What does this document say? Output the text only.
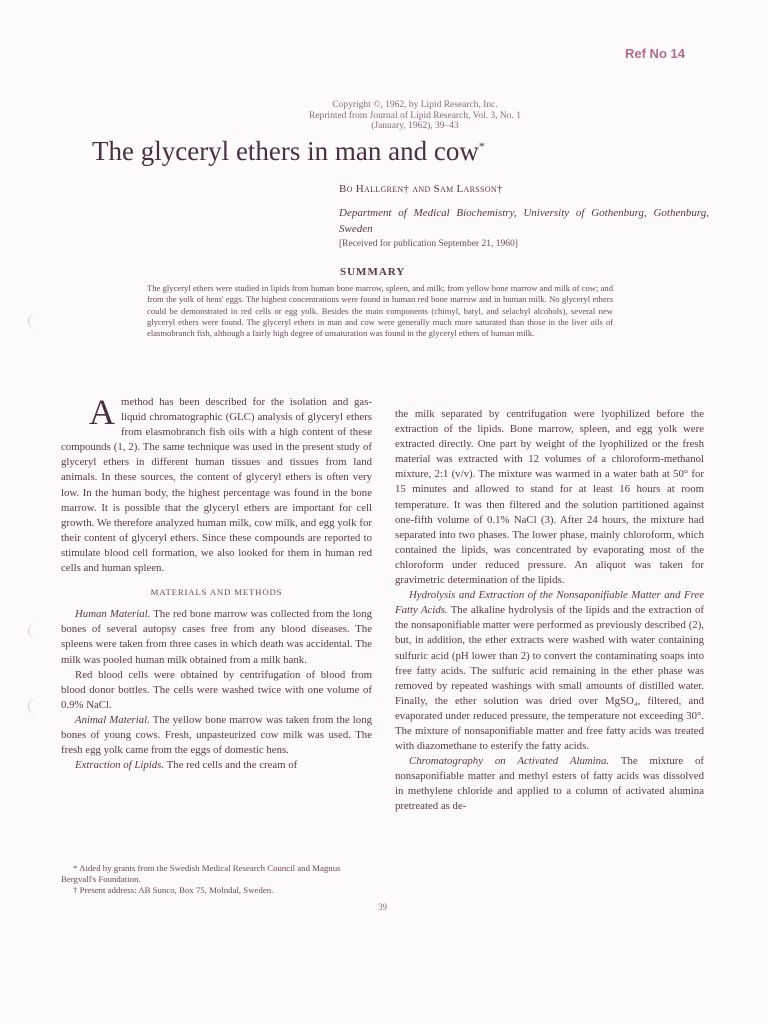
Ref No 14
Copyright ©, 1962, by Lipid Research, Inc.
Reprinted from Journal of Lipid Research, Vol. 3, No. 1
(January, 1962), 39–43
The glyceryl ethers in man and cow*
Bo Hallgren† and Sam Larsson†
Department of Medical Biochemistry, University of Gothenburg, Gothenburg, Sweden
[Received for publication September 21, 1960]
SUMMARY
The glyceryl ethers were studied in lipids from human bone marrow, spleen, and milk; from yellow bone marrow and milk of cow; and from the yolk of hens' eggs. The highest concentrations were found in human red bone marrow and in human milk. No glyceryl ethers could be demonstrated in red cells or egg yolk. Besides the main components (chimyl, batyl, and selachyl alcohols), several new glyceryl ethers were found. The glyceryl ethers in man and cow were generally much more saturated than those in the liver oils of elasmobranch fish, although a fairly high degree of unsaturation was found in the glyceryl ethers of human milk.

Amethod has been described for the isolation and gas-liquid chromatographic (GLC) analysis of glyceryl ethers from elasmobranch fish oils with a high content of these compounds (1, 2). The same technique was used in the present study of glyceryl ethers in different human tissues and tissues from land animals. In these sources, the content of glyceryl ethers is often very low. In the human body, the highest percentage was found in the bone marrow. It is possible that the glyceryl ethers are important for cell growth. We therefore analyzed human milk, cow milk, and egg yolk for their content of glyceryl ethers. Since these compounds are reported to stimulate blood cell formation, we also looked for them in human red cells and human spleen.

MATERIALS AND METHODS

Human Material. The red bone marrow was collected from the long bones of several autopsy cases free from any blood diseases. The spleens were taken from three cases in which death was accidental. The milk was pooled human milk obtained from a milk bank.

Red blood cells were obtained by centrifugation of blood from blood donor bottles. The cells were washed twice with one volume of 0.9% NaCl.

Animal Material. The yellow bone marrow was taken from the long bones of young cows. Fresh, unpasteurized cow milk was used. The fresh egg yolk came from the eggs of domestic hens.

Extraction of Lipids. The red cells and the cream of

the milk separated by centrifugation were lyophilized before the extraction of the lipids. Bone marrow, spleen, and egg yolk were extracted directly. One part by weight of the lyophilized or the fresh material was extracted with 12 volumes of a chloroform-methanol mixture, 2:1 (v/v). The mixture was warmed in a water bath at 50° for 15 minutes and allowed to stand for at least 16 hours at room temperature. It was then filtered and the solution partitioned against one-fifth volume of 0.1% NaCl (3). After 24 hours, the mixture had separated into two phases. The lower phase, mainly chloroform, which contained the lipids, was concentrated by evaporating most of the chloroform under reduced pressure. An aliquot was taken for gravimetric determination of the lipids.

Hydrolysis and Extraction of the Nonsaponifiable Matter and Free Fatty Acids. The alkaline hydrolysis of the lipids and the extraction of the nonsaponifiable matter were performed as previously described (2), but, in addition, the ether extracts were washed with water containing sulfuric acid (pH lower than 2) to convert the contaminating soaps into free fatty acids. The sulfuric acid remaining in the ether phase was removed by repeated washings with small amounts of distilled water. Finally, the ether solution was dried over MgSO₄, filtered, and evaporated under reduced pressure, the temperature not exceeding 30°. The mixture of nonsaponifiable matter and free fatty acids was treated with diazomethane to esterify the fatty acids.

Chromatography on Activated Alumina. The mixture of nonsaponifiable matter and methyl esters of fatty acids was dissolved in methylene chloride and applied to a column of activated alumina pretreated as de-

* Aided by grants from the Swedish Medical Research Council and Magnus Bergvall's Foundation.
† Present address: AB Sunco, Box 75, Molndal, Sweden.
39
